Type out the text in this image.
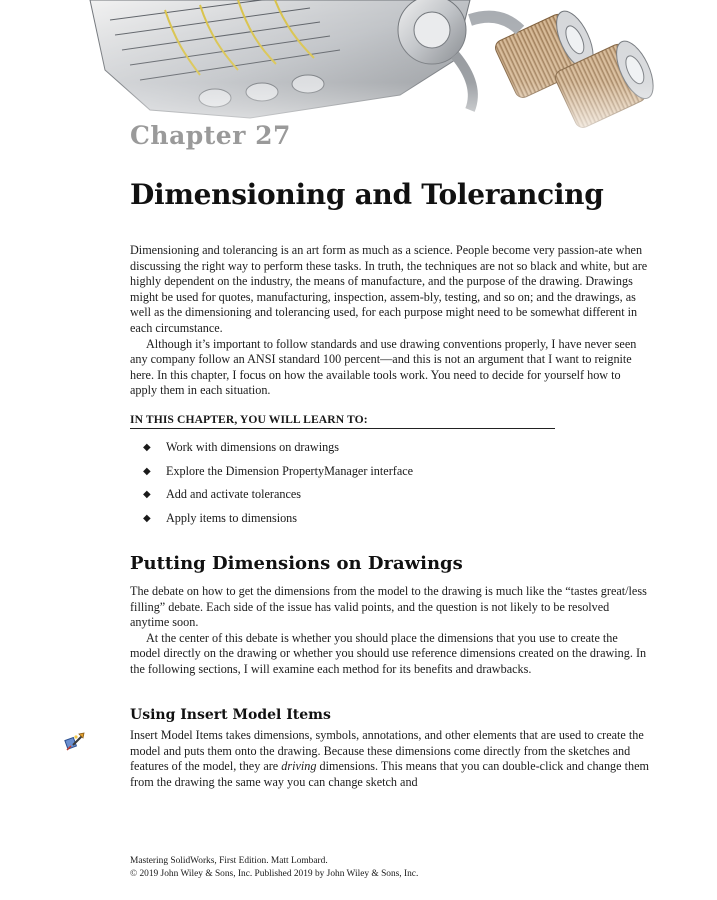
Chapter 27
Dimensioning and Tolerancing

Dimensioning and tolerancing is an art form as much as a science. People become very passion-ate when discussing the right way to perform these tasks. In truth, the techniques are not so black and white, but are highly dependent on the industry, the means of manufacture, and the purpose of the drawing. Drawings might be used for quotes, manufacturing, inspection, assem-bly, testing, and so on; and the drawings, as well as the dimensioning and tolerancing used, for each purpose might need to be somewhat different in each circumstance.

Although it’s important to follow standards and use drawing conventions properly, I have never seen any company follow an ANSI standard 100 percent—and this is not an argument that I want to reignite here. In this chapter, I focus on how the available tools work. You need to decide for yourself how to apply them in each situation.

IN THIS CHAPTER, YOU WILL LEARN TO:
◆	Work with dimensions on drawings
◆	Explore the Dimension PropertyManager interface
◆	Add and activate tolerances
◆	Apply items to dimensions
Putting Dimensions on Drawings

The debate on how to get the dimensions from the model to the drawing is much like the “tastes great/less filling” debate. Each side of the issue has valid points, and the question is not likely to be resolved anytime soon.

At the center of this debate is whether you should place the dimensions that you use to create the model directly on the drawing or whether you should use reference dimensions created on the drawing. In the following sections, I will examine each method for its benefits and drawbacks.

Using Insert Model Items

Insert Model Items takes dimensions, symbols, annotations, and other elements that are used to create the model and puts them onto the drawing. Because these dimensions come directly from the sketches and features of the model, they are driving dimensions. This means that you can double-click and change them from the drawing the same way you can change sketch and

Mastering SolidWorks, First Edition. Matt Lombard.
© 2019 John Wiley & Sons, Inc. Published 2019 by John Wiley & Sons, Inc.
